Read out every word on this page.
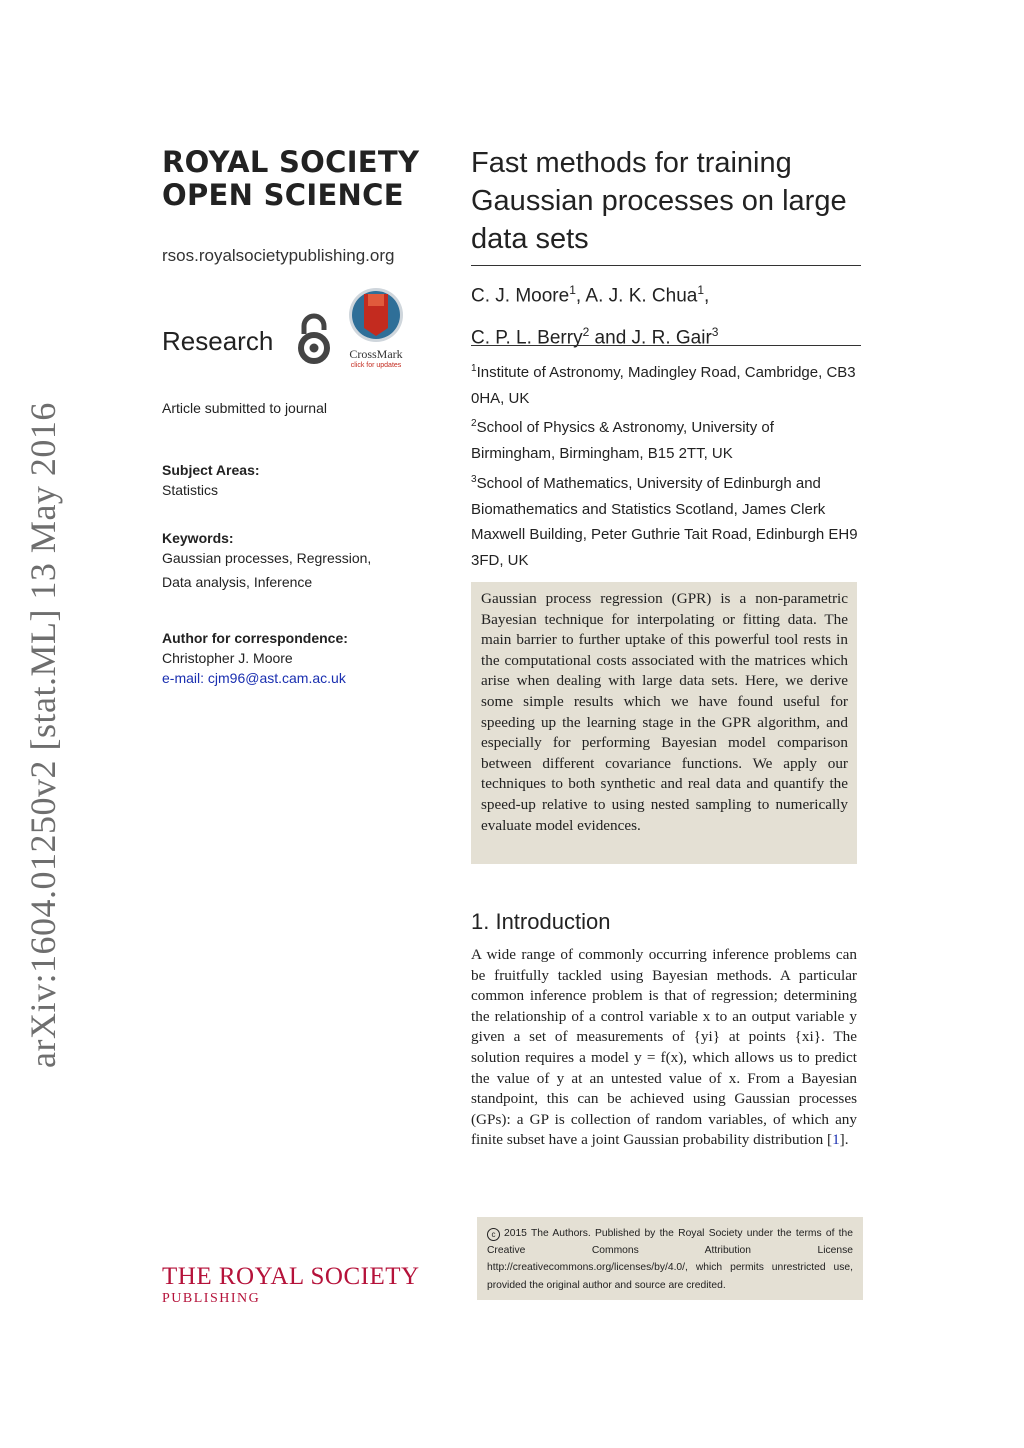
arXiv:1604.01250v2 [stat.ML] 13 May 2016
ROYAL SOCIETY
OPEN SCIENCE
rsos.royalsocietypublishing.org
Research	CrossMark
click for updates
Article submitted to journal
Subject Areas:
Statistics
Keywords:
Gaussian processes, Regression,
Data analysis, Inference
Author for correspondence:
Christopher J. Moore
e-mail: cjm96@ast.cam.ac.uk
THE ROYAL SOCIETY
PUBLISHING
Fast methods for training Gaussian processes on large data sets
C. J. Moore$^1$, A. J. K. Chua$^1$,
C. P. L. Berry$^2$ and J. R. Gair$^3$
$^1$Institute of Astronomy, Madingley Road, Cambridge, CB3 0HA, UK
$^2$School of Physics & Astronomy, University of Birmingham, Birmingham, B15 2TT, UK
$^3$School of Mathematics, University of Edinburgh and Biomathematics and Statistics Scotland, James Clerk Maxwell Building, Peter Guthrie Tait Road, Edinburgh EH9 3FD, UK
Gaussian process regression (GPR) is a non-parametric Bayesian technique for interpolating or fitting data. The main barrier to further uptake of this powerful tool rests in the computational costs associated with the matrices which arise when dealing with large data sets. Here, we derive some simple results which we have found useful for speeding up the learning stage in the GPR algorithm, and especially for performing Bayesian model comparison between different covariance functions. We apply our techniques to both synthetic and real data and quantify the speed-up relative to using nested sampling to numerically evaluate model evidences.
1. Introduction
A wide range of commonly occurring inference problems can be fruitfully tackled using Bayesian methods. A particular common inference problem is that of regression; determining the relationship of a control variable x to an output variable y given a set of measurements of {yi} at points {xi}. The solution requires a model y = f(x), which allows us to predict the value of y at an untested value of x. From a Bayesian standpoint, this can be achieved using Gaussian processes (GPs): a GP is collection of random variables, of which any finite subset have a joint Gaussian probability distribution [1].
c 2015 The Authors. Published by the Royal Society under the terms of the Creative Commons Attribution License http://creativecommons.org/licenses/by/4.0/, which permits unrestricted use, provided the original author and source are credited.
